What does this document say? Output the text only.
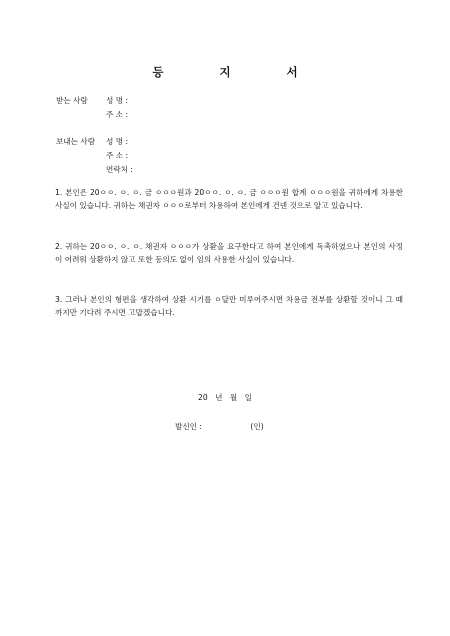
등 지 서
받는 사람 성 명 :
주 소 :
보내는 사람 성 명 :
주 소 :
연락처 :
1. 본인은 20ㅇㅇ. ㅇ. ㅇ. 금 ㅇㅇㅇ원과 20ㅇㅇ. ㅇ. ㅇ. 금 ㅇㅇㅇ원 합계 ㅇㅇㅇ원을 귀하에게 차용한 사실이 있습니다. 귀하는 채권자 ㅇㅇㅇ로부터 차용하여 본인에게 건넨 것으로 알고 있습니다.
2. 귀하는 20ㅇㅇ. ㅇ. ㅇ. 채권자 ㅇㅇㅇ가 상환을 요구한다고 하여 본인에게 독촉하였으나 본인의 사정이 어려워 상환하지 않고 또한 동의도 없이 임의 사용한 사실이 있습니다.
3. 그러나 본인의 형편을 생각하여 상환 시기를 ㅇ달만 미루어주시면 차용금 전부를 상환할 것이니 그 때까지만 기다려 주시면 고맙겠습니다.
20 년 월 일
발신인 :	(인)
